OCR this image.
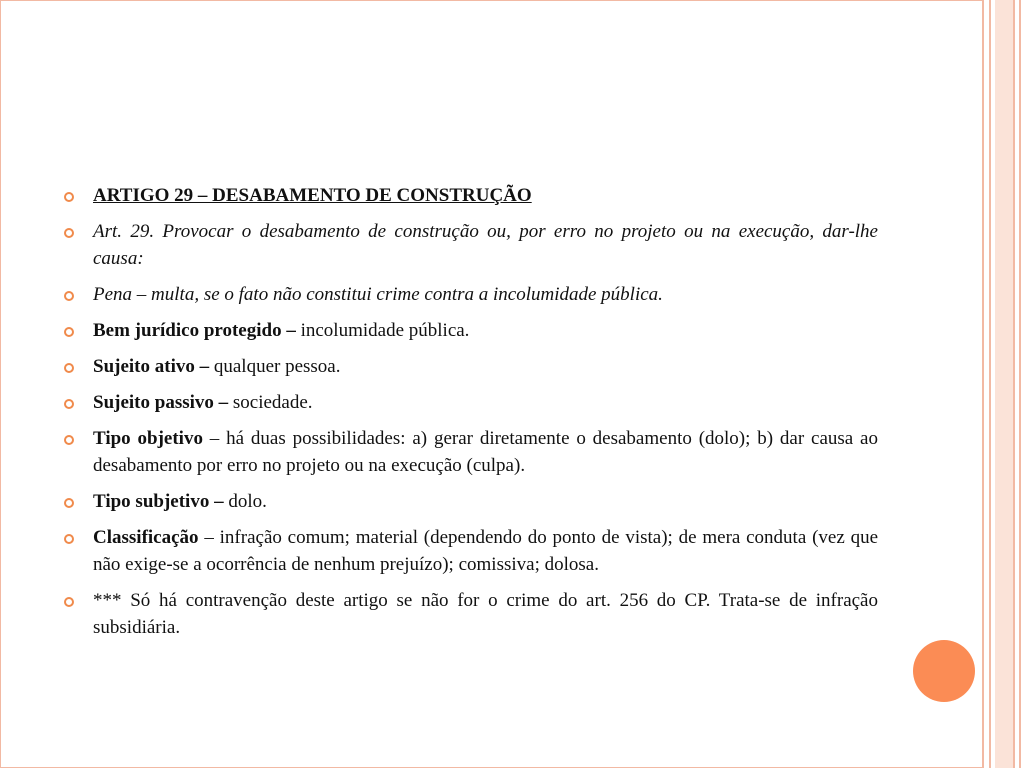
ARTIGO 29 – DESABAMENTO DE CONSTRUÇÃO
Art. 29. Provocar o desabamento de construção ou, por erro no projeto ou na execução, dar-lhe causa:
Pena – multa, se o fato não constitui crime contra a incolumidade pública.
Bem jurídico protegido – incolumidade pública.
Sujeito ativo – qualquer pessoa.
Sujeito passivo – sociedade.
Tipo objetivo – há duas possibilidades: a) gerar diretamente o desabamento (dolo); b) dar causa ao desabamento por erro no projeto ou na execução (culpa).
Tipo subjetivo – dolo.
Classificação – infração comum; material (dependendo do ponto de vista); de mera conduta (vez que não exige-se a ocorrência de nenhum prejuízo); comissiva; dolosa.
*** Só há contravenção deste artigo se não for o crime do art. 256 do CP. Trata-se de infração subsidiária.
